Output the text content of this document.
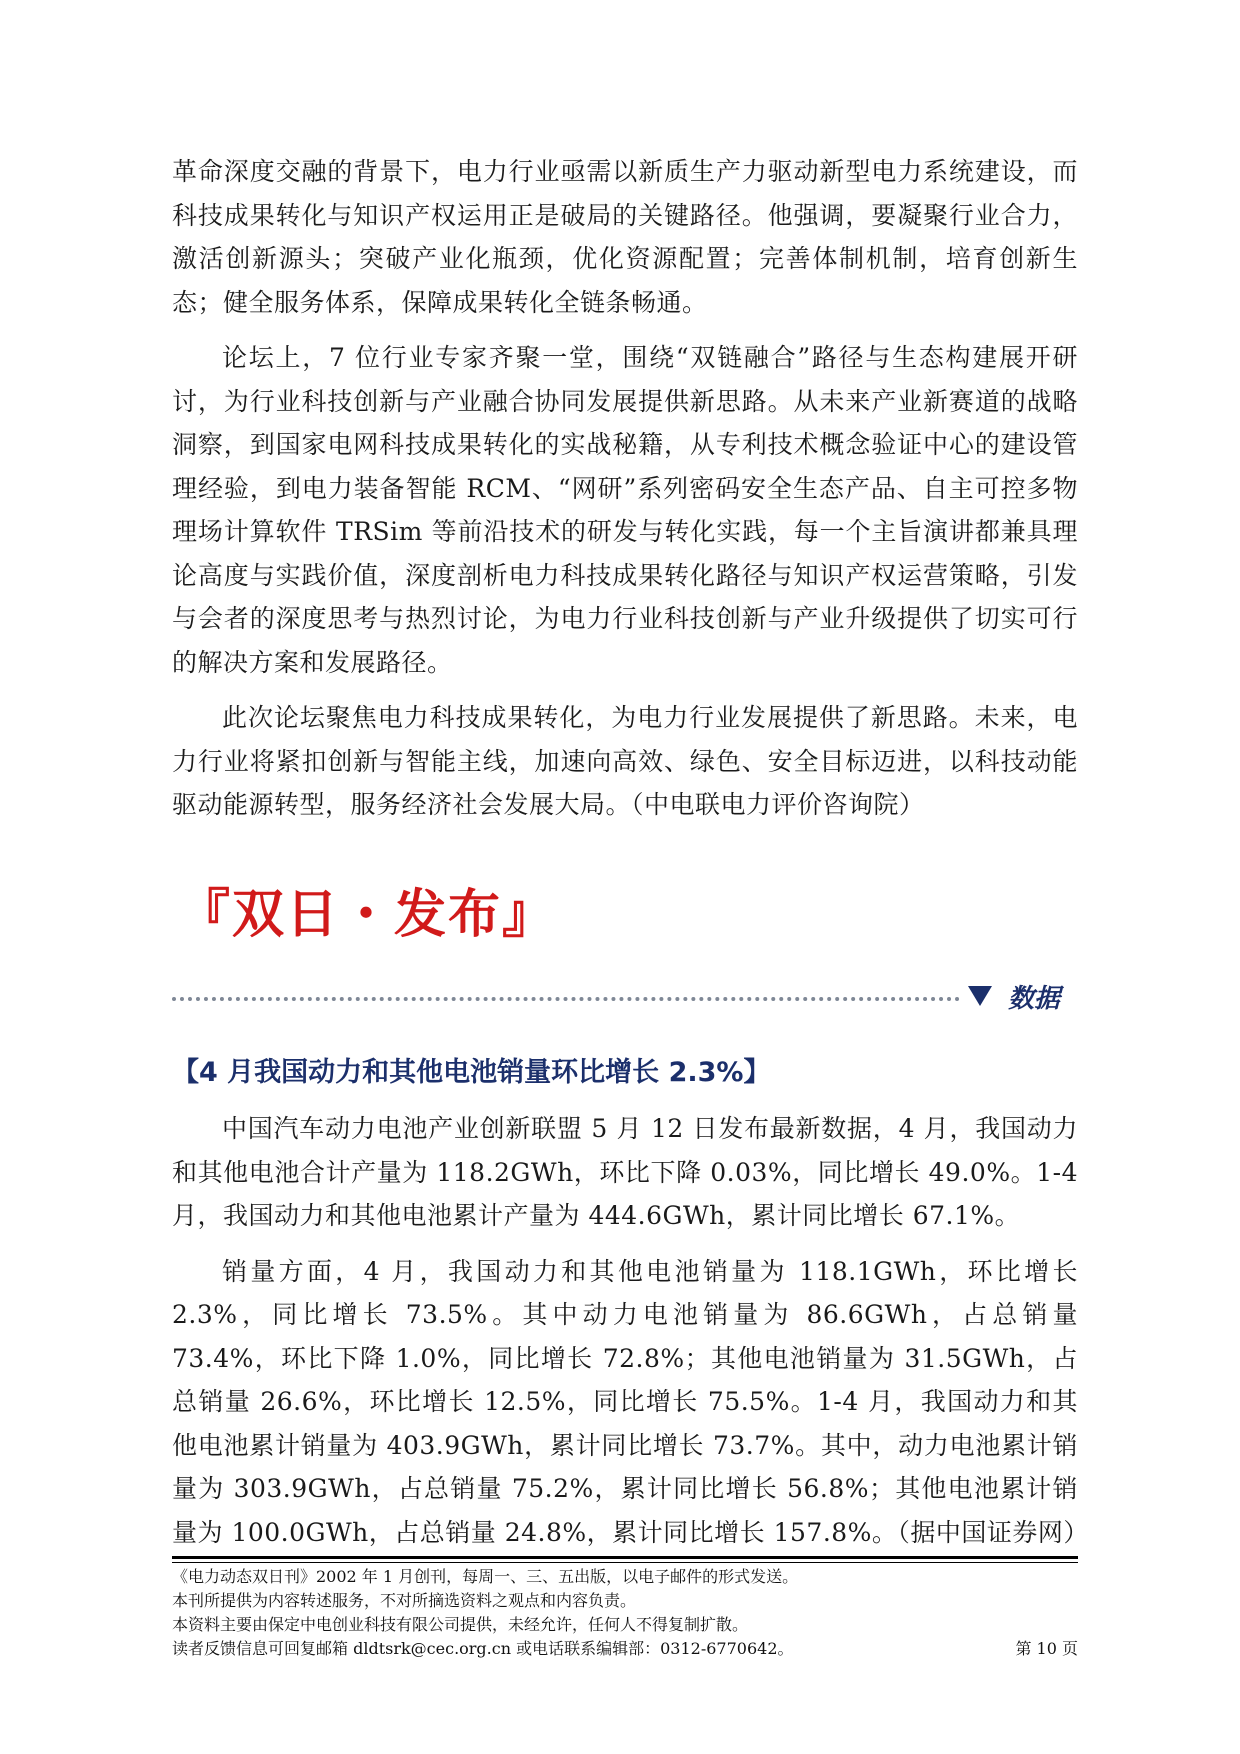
革命深度交融的背景下，电力行业亟需以新质生产力驱动新型电力系统建设，而科技成果转化与知识产权运用正是破局的关键路径。他强调，要凝聚行业合力，激活创新源头；突破产业化瓶颈，优化资源配置；完善体制机制，培育创新生态；健全服务体系，保障成果转化全链条畅通。

论坛上，7 位行业专家齐聚一堂，围绕“双链融合”路径与生态构建展开研讨，为行业科技创新与产业融合协同发展提供新思路。从未来产业新赛道的战略洞察，到国家电网科技成果转化的实战秘籍，从专利技术概念验证中心的建设管理经验，到电力装备智能 RCM、“网研”系列密码安全生态产品、自主可控多物理场计算软件 TRSim 等前沿技术的研发与转化实践，每一个主旨演讲都兼具理论高度与实践价值，深度剖析电力科技成果转化路径与知识产权运营策略，引发与会者的深度思考与热烈讨论，为电力行业科技创新与产业升级提供了切实可行的解决方案和发展路径。

此次论坛聚焦电力科技成果转化，为电力行业发展提供了新思路。未来，电力行业将紧扣创新与智能主线，加速向高效、绿色、安全目标迈进，以科技动能驱动能源转型，服务经济社会发展大局。（中电联电力评价咨询院）

『双日・发布』
数据
【4 月我国动力和其他电池销量环比增长 2.3%】

中国汽车动力电池产业创新联盟 5 月 12 日发布最新数据，4 月，我国动力和其他电池合计产量为 118.2GWh，环比下降 0.03%，同比增长 49.0%。1-4 月，我国动力和其他电池累计产量为 444.6GWh，累计同比增长 67.1%。

销量方面，4 月，我国动力和其他电池销量为 118.1GWh，环比增长 2.3%，同比增长 73.5%。其中动力电池销量为 86.6GWh，占总销量 73.4%，环比下降 1.0%，同比增长 72.8%；其他电池销量为 31.5GWh，占总销量 26.6%，环比增长 12.5%，同比增长 75.5%。1-4 月，我国动力和其他电池累计销量为 403.9GWh，累计同比增长 73.7%。其中，动力电池累计销量为 303.9GWh，占总销量 75.2%，累计同比增长 56.8%；其他电池累计销量为 100.0GWh，占总销量 24.8%，累计同比增长 157.8%。（据中国证券网）

《电力动态双日刊》2002 年 1 月创刊，每周一、三、五出版，以电子邮件的形式发送。
本刊所提供为内容转述服务，不对所摘选资料之观点和内容负责。
本资料主要由保定中电创业科技有限公司提供，未经允许，任何人不得复制扩散。
读者反馈信息可回复邮箱 dldtsrk@cec.org.cn 或电话联系编辑部：0312-6770642。	第 10 页
